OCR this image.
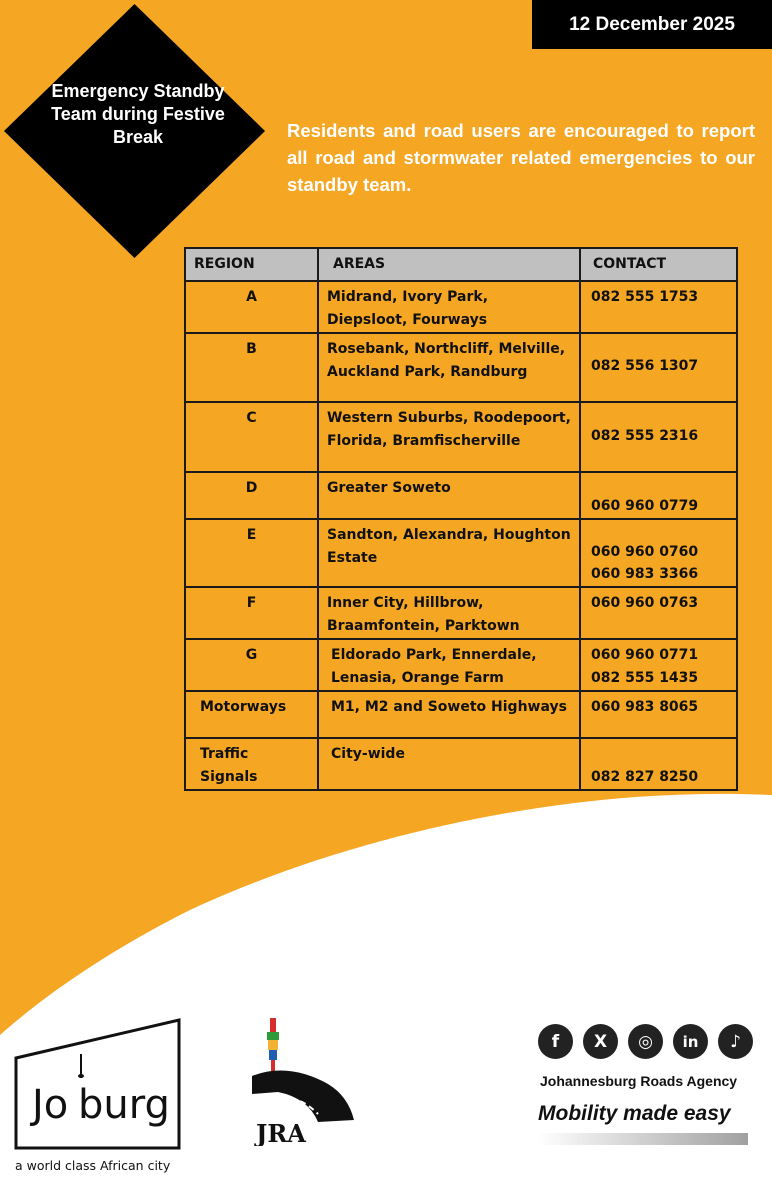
12 December 2025
Emergency Standby Team during Festive Break	Residents and road users are encouraged to report all road and stormwater related emergencies to our standby team.
REGION	AREAS	CONTACT
A	Midrand, Ivory Park, Diepsloot, Fourways	082 555 1753
B	Rosebank, Northcliff, Melville, Auckland Park, Randburg	082 556 1307

C	Western Suburbs, Roodepoort, Florida, Bramfischerville	082 555 2316

D	Greater Soweto	060 960 0779

E	Sandton, Alexandra, Houghton Estate	060 960 0760
060 983 3366

F	Inner City, Hillbrow, Braamfontein, Parktown	060 960 0763
G	Eldorado Park, Ennerdale, Lenasia, Orange Farm	060 960 0771
082 555 1435

Motorways	M1, M2 and Soweto Highways	060 983 8065
Traffic Signals	City-wide	082 827 8250
Jo burg
a world class African city
JRA
f	X	◎	in	♪
Johannesburg Roads Agency
Mobility made easy
